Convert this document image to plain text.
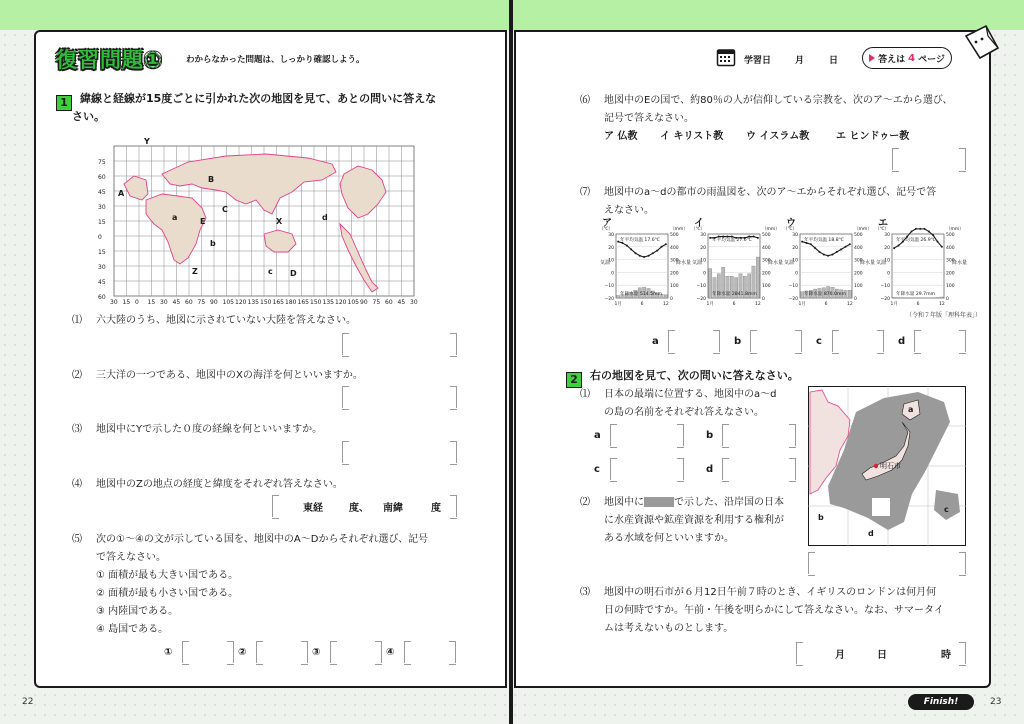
復習問題①	わからなかった問題は、しっかり確認しよう。	学習日	月	日	答えは 4 ページ
1	緯線と経線が15度ごとに引かれた次の地図を見て、あとの問いに答えな
さい。
75
60
45
30
15
0
15
30
45
60
30 15 0 15 30 45 60 75 90 105 120 135 150 165 180 165 150 135 120 105 90 75 60 45 30
Y
A
B
C
D
E	X
Z
a
b
c
d
⑴ 六大陸のうち、地図に示されていない大陸を答えなさい。
⑵ 三大洋の一つである、地図中のXの海洋を何といいますか。
⑶ 地図中にYで示した０度の経線を何といいますか。
⑷ 地図中のZの地点の経度と緯度をそれぞれ答えなさい。
東経	度、 南緯	度
⑸ 次の①～④の文が示している国を、地図中のA～Dからそれぞれ選び、記号
で答えなさい。
① 面積が最も大きい国である。
② 面積が最も小さい国である。
③ 内陸国である。
④ 島国である。
①	②	③	④
22
⑹ 地図中のEの国で、約80％の人が信仰している宗教を、次のア～エから選び、
記号で答えなさい。
ア 仏教 イ キリスト教 ウ イスラム教	エ ヒンドゥー教
⑺ 地図中のa～dの都市の雨温図を、次のア～エからそれぞれ選び、記号で答
えなさい。
30
20
10
0
−10
−20
500
400
300
200
100
0
1月	6	12
（℃）	（mm）
気温	降水量
年平均気温 17.6℃
年降水量 514.5mm
ア
30
20
10
0
−10
−20
500
400
300
200
100
0
1月	6	12
（℃）	（mm）
気温	降水量
年平均気温 27.6℃
年降水量 2841.8mm
イ
30
20
10
0
−10
−20
500
400
300
200
100
0
1月	6	12
（℃）	（mm）
気温	降水量
年平均気温 18.8℃
年降水量 870.0mm
ウ
30
20
10
0
−10
−20
500
400
300
200
100
0
1月	6	12
（℃）	（mm）
気温	降水量
年平均気温 26.9℃
年降水量 29.7mm
エ
（令和７年版「理科年表」）
a	b	c	d
2	右の地図を見て、次の問いに答えなさい。
⑴ 日本の最端に位置する、地図中のa～d
の島の名前をそれぞれ答えなさい。
a	b
c	d
⑵ 地図中に	で示した、沿岸国の日本
に水産資源や鉱産資源を利用する権利が
ある水域を何といいますか。
明石市
a
b
c
d
⑶ 地図中の明石市が６月12日午前７時のとき、イギリスのロンドンは何月何
日の何時ですか。午前・午後を明らかにして答えなさい。なお、サマータイ
ムは考えないものとします。
月	日	時
Finish!	23
